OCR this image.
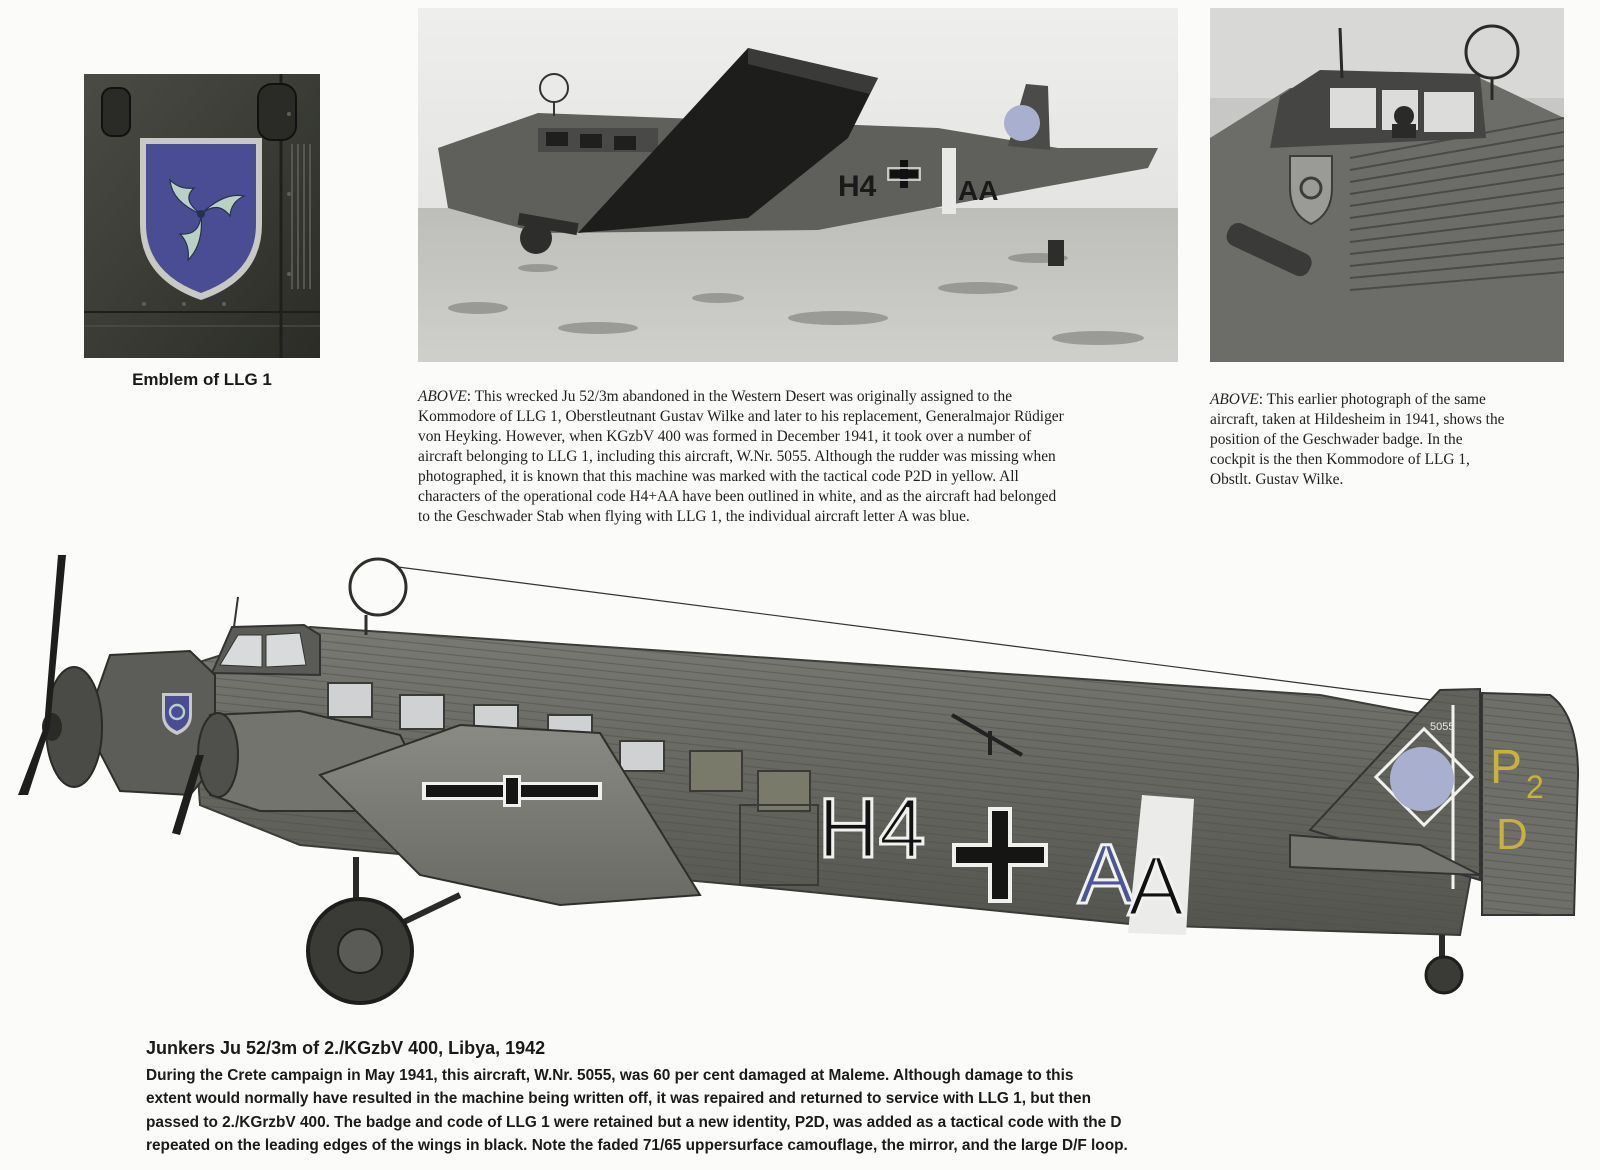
Emblem of LLG 1
H4	AA
ABOVE: This wrecked Ju 52/3m abandoned in the Western Desert was originally assigned to the
Kommodore of LLG 1, Oberstleutnant Gustav Wilke and later to his replacement, Generalmajor Rüdiger
von Heyking. However, when KGzbV 400 was formed in December 1941, it took over a number of
aircraft belonging to LLG 1, including this aircraft, W.Nr. 5055. Although the rudder was missing when
photographed, it is known that this machine was marked with the tactical code P2D in yellow. All
characters of the operational code H4+AA have been outlined in white, and as the aircraft had belonged
to the Geschwader Stab when flying with LLG 1, the individual aircraft letter A was blue.
ABOVE: This earlier photograph of the same
aircraft, taken at Hildesheim in 1941, shows the
position of the Geschwader badge. In the
cockpit is the then Kommodore of LLG 1,
Obstlt. Gustav Wilke.
H4 A
A
5055
P 2
D
Junkers Ju 52/3m of 2./KGzbV 400, Libya, 1942
During the Crete campaign in May 1941, this aircraft, W.Nr. 5055, was 60 per cent damaged at Maleme. Although damage to this
extent would normally have resulted in the machine being written off, it was repaired and returned to service with LLG 1, but then
passed to 2./KGrzbV 400. The badge and code of LLG 1 were retained but a new identity, P2D, was added as a tactical code with the D
repeated on the leading edges of the wings in black. Note the faded 71/65 uppersurface camouflage, the mirror, and the large D/F loop.
